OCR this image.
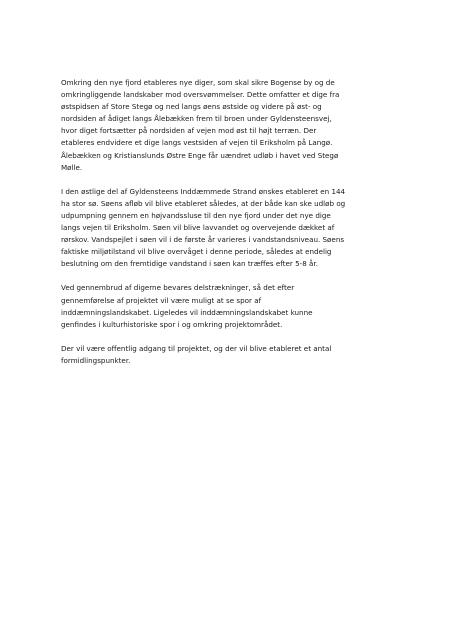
Omkring den nye fjord etableres nye diger, som skal sikre Bogense by og de
omkringliggende landskaber mod oversvømmelser. Dette omfatter et dige fra
østspidsen af Store Stegø og ned langs øens østside og videre på øst- og
nordsiden af ådiget langs Ålebækken frem til broen under Gyldensteensvej,
hvor diget fortsætter på nordsiden af vejen mod øst til højt terræn. Der
etableres endvidere et dige langs vestsiden af vejen til Eriksholm på Langø.
Ålebækken og Kristianslunds Østre Enge får uændret udløb i havet ved Stegø
Mølle.

I den østlige del af Gyldensteens Inddæmmede Strand ønskes etableret en 144
ha stor sø. Søens afløb vil blive etableret således, at der både kan ske udløb og
udpumpning gennem en højvandssluse til den nye fjord under det nye dige
langs vejen til Eriksholm. Søen vil blive lavvandet og overvejende dækket af
rørskov. Vandspejlet i søen vil i de første år varieres i vandstandsniveau. Søens
faktiske miljøtilstand vil blive overvåget i denne periode, således at endelig
beslutning om den fremtidige vandstand i søen kan træffes efter 5-8 år.

Ved gennembrud af digerne bevares delstrækninger, så det efter
gennemførelse af projektet vil være muligt at se spor af
inddæmningslandskabet. Ligeledes vil inddæmningslandskabet kunne
genfindes i kulturhistoriske spor i og omkring projektområdet.

Der vil være offentlig adgang til projektet, og der vil blive etableret et antal
formidlingspunkter.
